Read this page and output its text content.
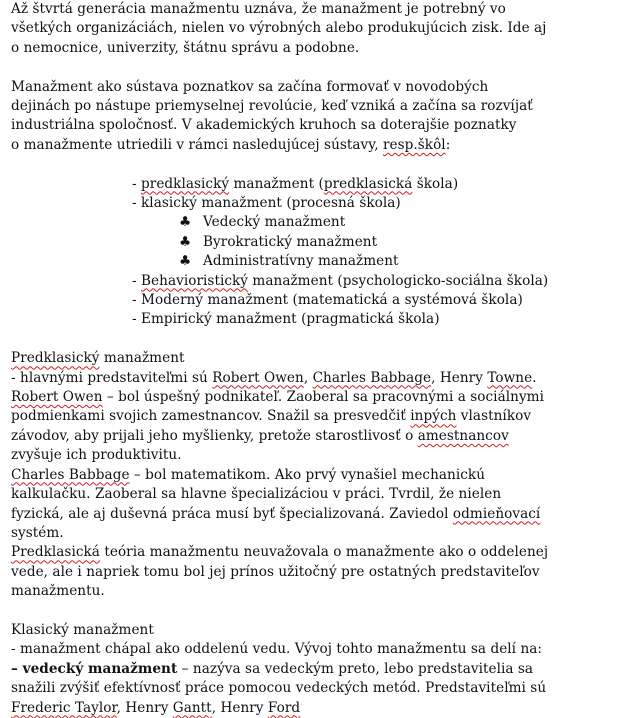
Až štvrtá generácia manažmentu uznáva, že manažment je potrebný vo
všetkých organizáciách, nielen vo výrobných alebo produkujúcich zisk. Ide aj
o nemocnice, univerzity, štátnu správu a podobne.
Manažment ako sústava poznatkov sa začína formovať v novodobých
dejinách po nástupe priemyselnej revolúcie, keď vzniká a začína sa rozvíjať
industriálna spoločnosť. V akademických kruhoch sa doterajšie poznatky
o manažmente utriedili v rámci nasledujúcej sústavy, resp.škôl:
- predklasický manažment (predklasická škola)
- klasický manažment (procesná škola)
♣ Vedecký manažment
♣ Byrokratický manažment
♣ Administratívny manažment
- Behavioristický manažment (psychologicko-sociálna škola)
- Moderný manažment (matematická a systémová škola)
- Empirický manažment (pragmatická škola)
Predklasický manažment
- hlavnými predstaviteľmi sú Robert Owen, Charles Babbage, Henry Towne.
Robert Owen – bol úspešný podnikateľ. Zaoberal sa pracovnými a sociálnymi
podmienkami svojich zamestnancov. Snažil sa presvedčiť inpých vlastníkov
závodov, aby prijali jeho myšlienky, pretože starostlivosť o amestnancov
zvyšuje ich produktivitu.
Charles Babbage – bol matematikom. Ako prvý vynašiel mechanickú
kalkulačku. Zaoberal sa hlavne špecializáciou v práci. Tvrdil, že nielen
fyzická, ale aj duševná práca musí byť špecializovaná. Zaviedol odmieňovací
systém.
Predklasická teória manažmentu neuvažovala o manažmente ako o oddelenej
vede, ale i napriek tomu bol jej prínos užitočný pre ostatných predstaviteľov
manažmentu.
Klasický manažment
- manažment chápal ako oddelenú vedu. Vývoj tohto manažmentu sa delí na:
– vedecký manažment – nazýva sa vedeckým preto, lebo predstavitelia sa
snažili zvýšiť efektívnosť práce pomocou vedeckých metód. Predstaviteľmi sú
Frederic Taylor, Henry Gantt, Henry Ford
